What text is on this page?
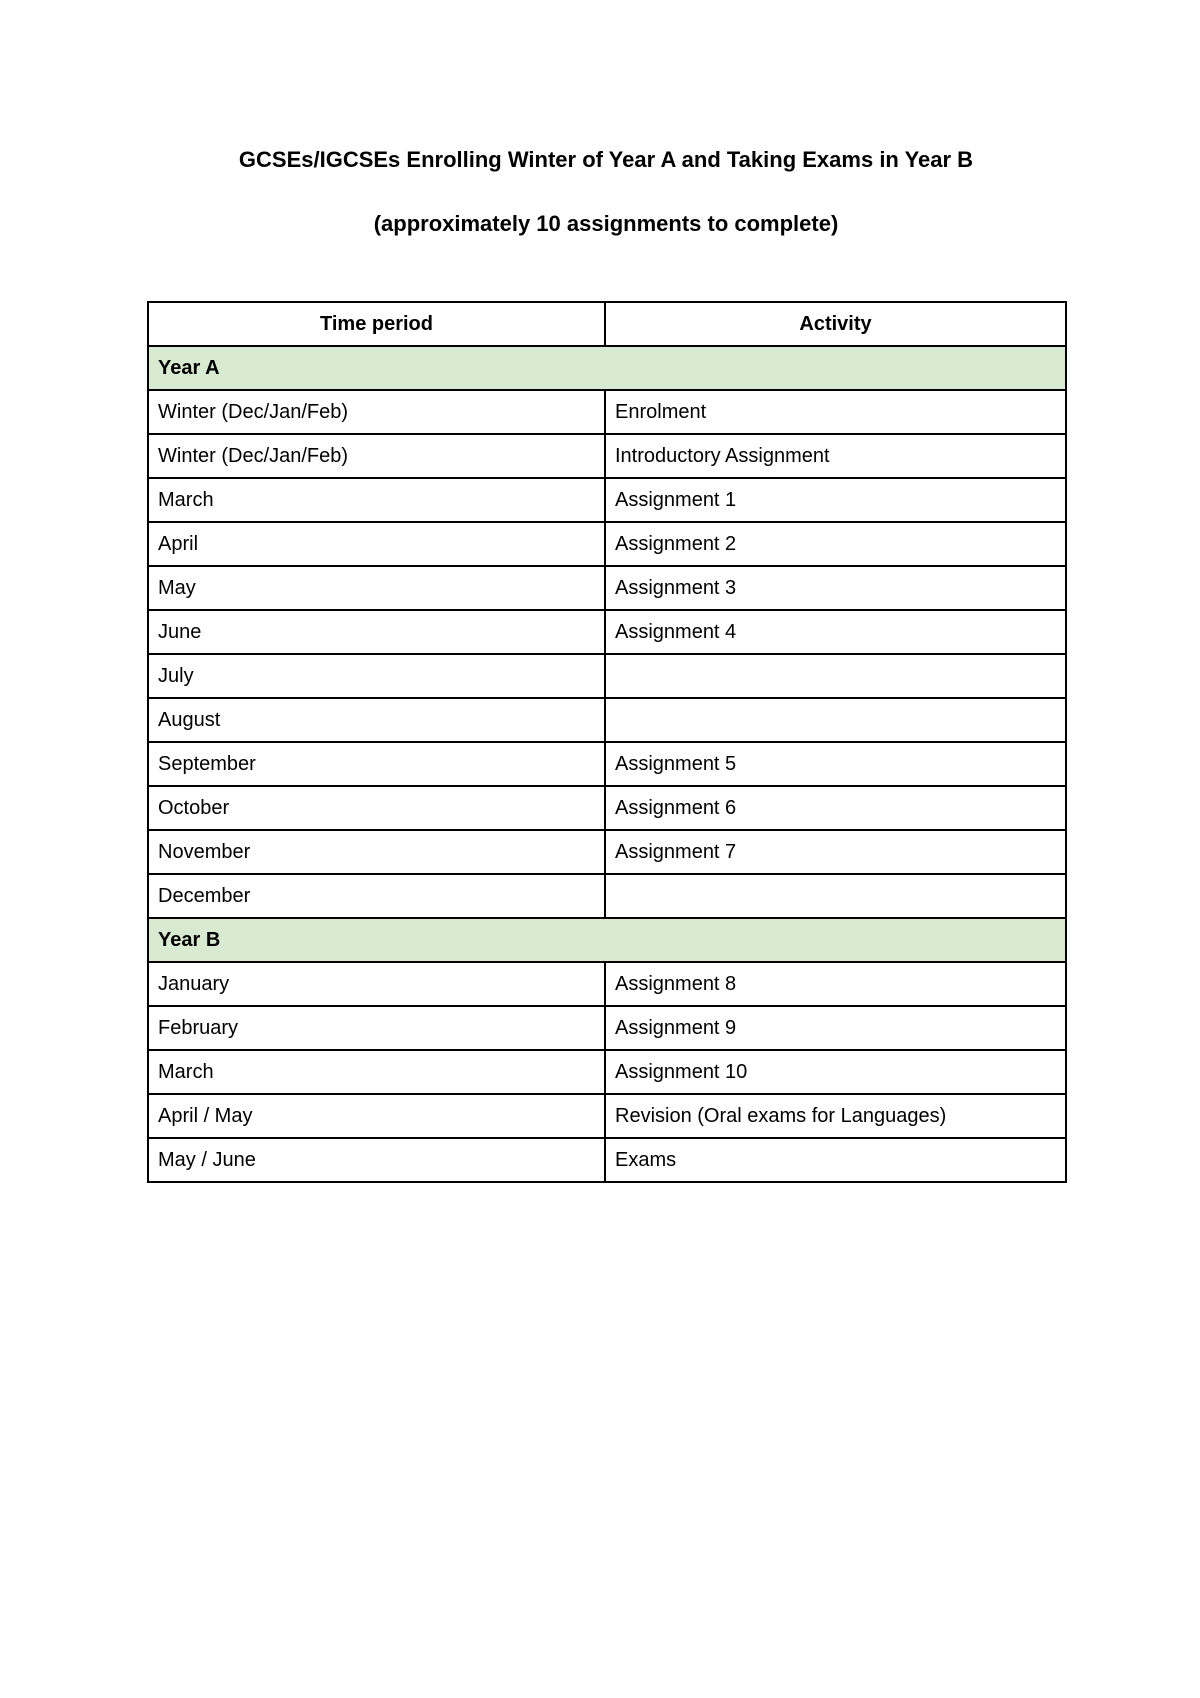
GCSEs/IGCSEs Enrolling Winter of Year A and Taking Exams in Year B
(approximately 10 assignments to complete)
Time period	Activity
Year A	
Winter (Dec/Jan/Feb)	Enrolment
Winter (Dec/Jan/Feb)	Introductory Assignment
March	Assignment 1
April	Assignment 2
May	Assignment 3
June	Assignment 4
July	
August	
September	Assignment 5
October	Assignment 6
November	Assignment 7
December	
Year B	
January	Assignment 8
February	Assignment 9
March	Assignment 10
April / May	Revision (Oral exams for Languages)
May / June	Exams
